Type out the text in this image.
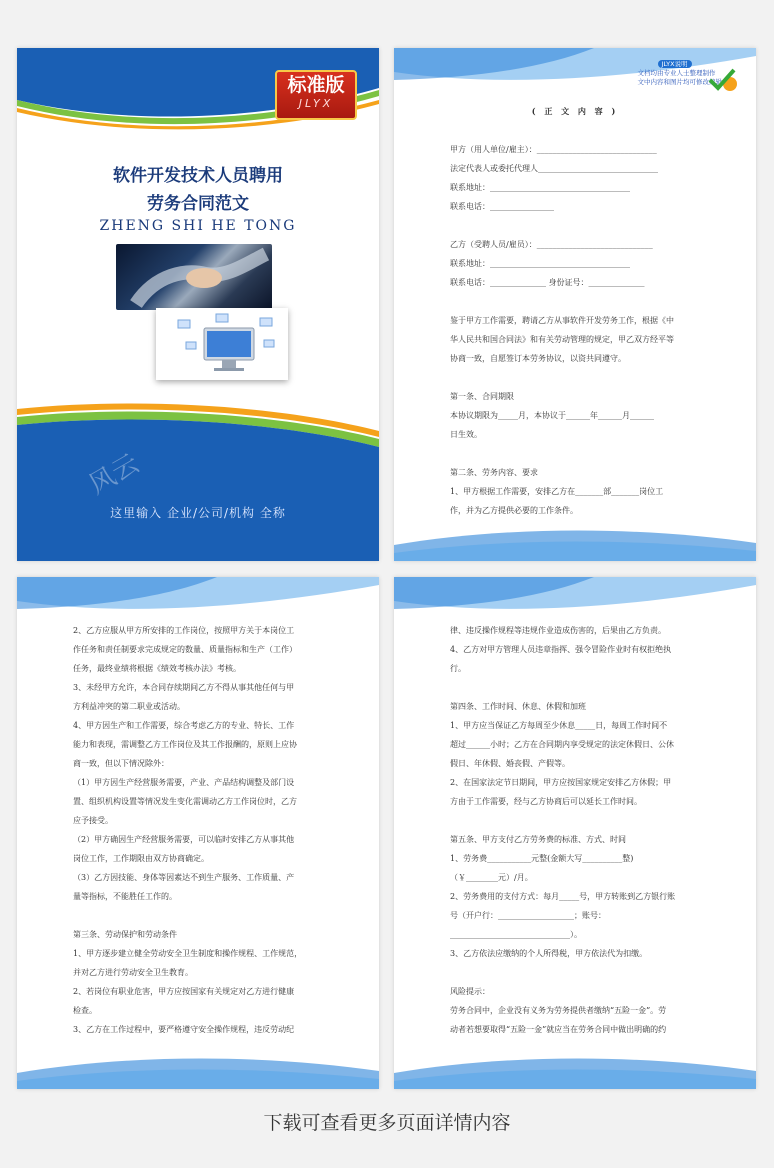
标准版
JLYX
软件开发技术人员聘用
劳务合同范文
ZHENG SHI HE TONG
风云
这里输入 企业/公司/机构 全称
JLYX说明
文档均由专业人士整理制作
文中内容和图片均可修改编辑
( 正 文 内 容 )

甲方（用人单位/雇主）：______________________________

法定代表人或委托代理人______________________________

联系地址：___________________________________

联系电话：________________

乙方（受聘人员/雇员）：_____________________________

联系地址：___________________________________

联系电话：______________ 身份证号：______________

鉴于甲方工作需要，聘请乙方从事软件开发劳务工作，根据《中

华人民共和国合同法》和有关劳动管理的规定，甲乙双方经平等

协商一致，自愿签订本劳务协议，以资共同遵守。

第一条、合同期限

本协议期限为_____月，本协议于______年______月______

日生效。

第二条、劳务内容、要求

1、甲方根据工作需要，安排乙方在_______部_______岗位工

作，并为乙方提供必要的工作条件。

2、乙方应服从甲方所安排的工作岗位，按照甲方关于本岗位工

作任务和责任制要求完成规定的数量、质量指标和生产（工作）

任务，最终业绩将根据《绩效考核办法》考核。

3、未经甲方允许，本合同存续期间乙方不得从事其他任何与甲

方利益冲突的第二职业或活动。

4、甲方因生产和工作需要，综合考虑乙方的专业、特长、工作

能力和表现，需调整乙方工作岗位及其工作报酬的，原则上应协

商一致，但以下情况除外：

（1）甲方因生产经营服务需要，产业、产品结构调整及部门设

置、组织机构设置等情况发生变化需调动乙方工作岗位时，乙方

应予接受。

（2）甲方确因生产经营服务需要，可以临时安排乙方从事其他

岗位工作，工作期限由双方协商确定。

（3）乙方因技能、身体等因素达不到生产服务、工作质量、产

量等指标，不能胜任工作的。

第三条、劳动保护和劳动条件

1、甲方逐步建立健全劳动安全卫生制度和操作规程、工作规范，

并对乙方进行劳动安全卫生教育。

2、若岗位有职业危害，甲方应按国家有关规定对乙方进行健康

检查。

3、乙方在工作过程中，要严格遵守安全操作规程，违反劳动纪

律、违反操作规程等违规作业造成伤害的，后果由乙方负责。

4、乙方对甲方管理人员违章指挥、强令冒险作业时有权拒绝执

行。

第四条、工作时间、休息、休假和加班

1、甲方应当保证乙方每周至少休息_____日，每周工作时间不

超过______小时；乙方在合同期内享受规定的法定休假日、公休

假日、年休假、婚丧假、产假等。

2、在国家法定节日期间，甲方应按国家规定安排乙方休假；甲

方由于工作需要，经与乙方协商后可以延长工作时间。

第五条、甲方支付乙方劳务费的标准、方式、时间

1、劳务费___________元整(金额大写__________整)

（￥________元）/月。

2、劳务费用的支付方式：每月_____号，甲方转账到乙方银行账

号（开户行：___________________；账号：

______________________________）。

3、乙方依法应缴纳的个人所得税，甲方依法代为扣缴。

风险提示：

劳务合同中，企业没有义务为劳务提供者缴纳“五险一金”。劳

动者若想要取得“五险一金”就应当在劳务合同中做出明确的约

下载可查看更多页面详情内容
